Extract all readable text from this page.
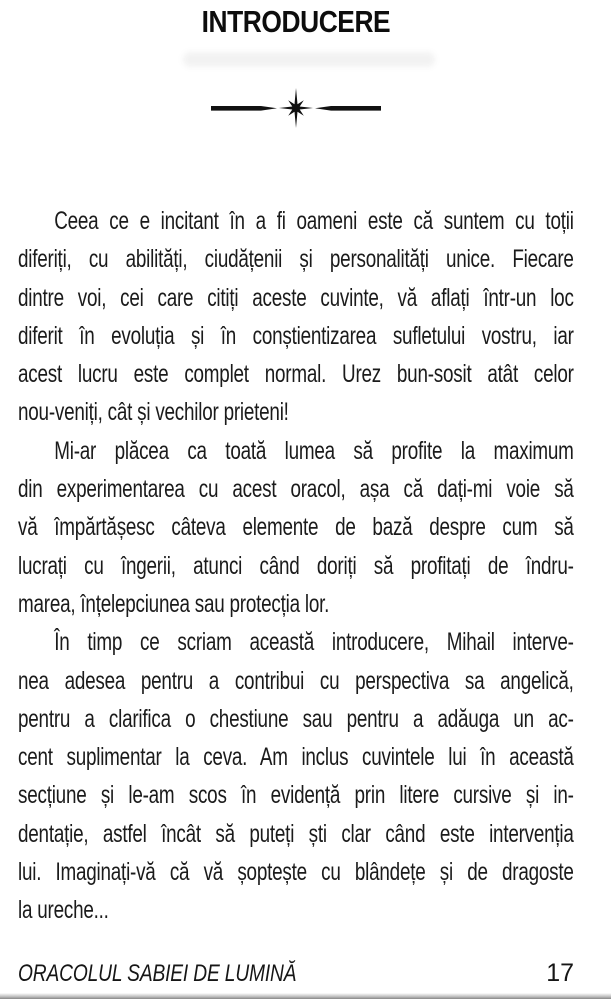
INTRODUCERE
Ceea ce e incitant în a fi oameni este că suntem cu toții
diferiți, cu abilități, ciudățenii și personalități unice. Fiecare
dintre voi, cei care citiți aceste cuvinte, vă aflați într-un loc
diferit în evoluția și în conștientizarea sufletului vostru, iar
acest lucru este complet normal. Urez bun-sosit atât celor
nou-veniți, cât și vechilor prieteni!
Mi-ar plăcea ca toată lumea să profite la maximum
din experimentarea cu acest oracol, așa că dați-mi voie să
vă împărtășesc câteva elemente de bază despre cum să
lucrați cu îngerii, atunci când doriți să profitați de îndru-
marea, înțelepciunea sau protecția lor.
În timp ce scriam această introducere, Mihail interve-
nea adesea pentru a contribui cu perspectiva sa angelică,
pentru a clarifica o chestiune sau pentru a adăuga un ac-
cent suplimentar la ceva. Am inclus cuvintele lui în această
secțiune și le-am scos în evidență prin litere cursive și in-
dentație, astfel încât să puteți ști clar când este intervenția
lui. Imaginați-vă că vă șoptește cu blândețe și de dragoste
la ureche...
ORACOLUL SABIEI DE LUMINĂ	17
